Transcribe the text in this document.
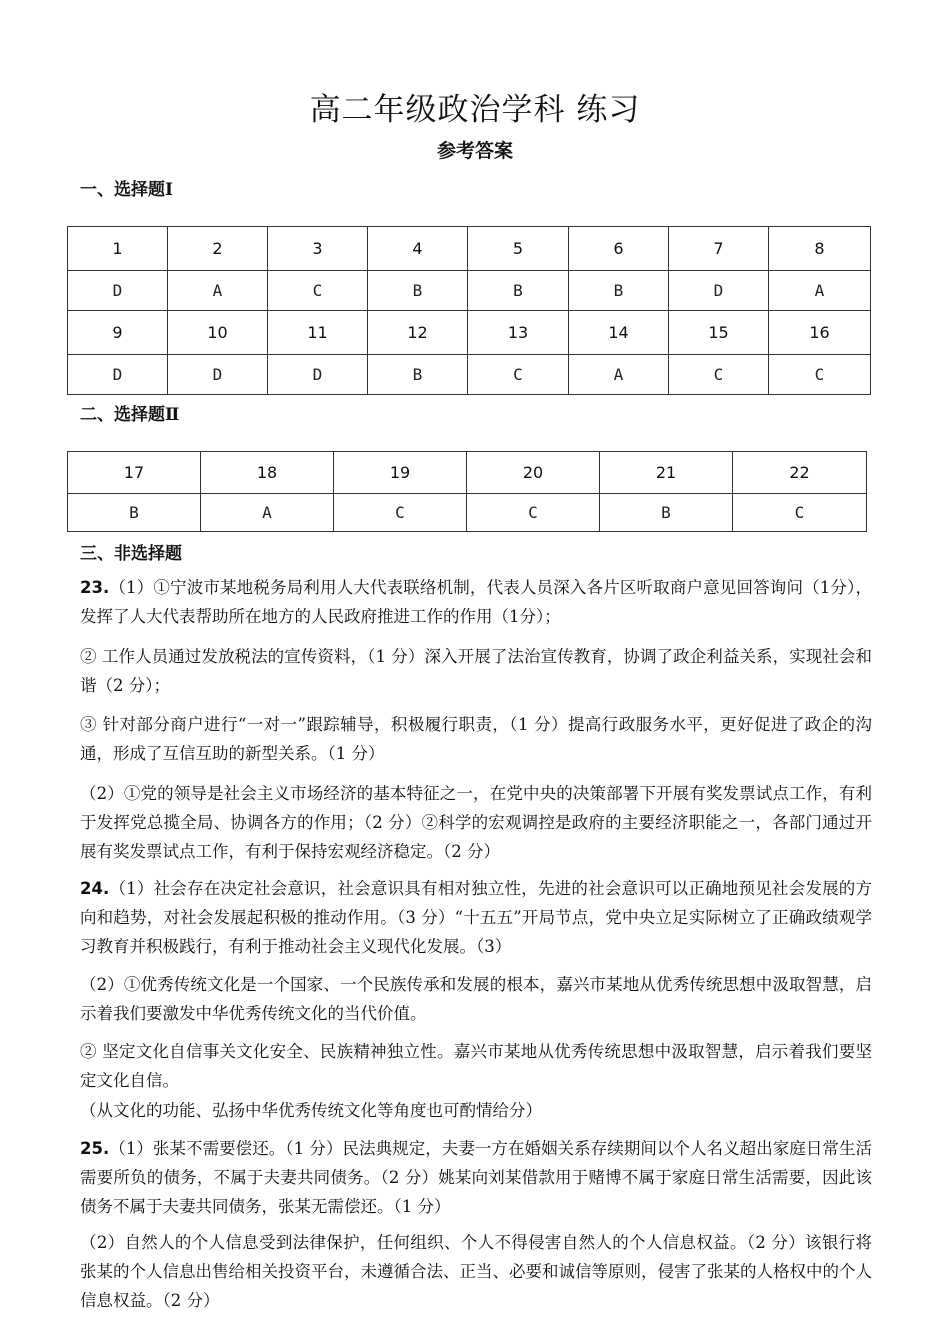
高二年级政治学科 练习
参考答案
一、选择题Ⅰ
1	2	3	4	5	6	7	8
D	A	C	B	B	B	D	A
9	10	11	12	13	14	15	16
D	D	D	B	C	A	C	C
二、选择题Ⅱ
17	18	19	20	21	22
B	A	C	C	B	C
三、非选择题
23.（1）①宁波市某地税务局利用人大代表联络机制，代表人员深入各片区听取商户意见回答询问（1分），发挥了人大代表帮助所在地方的人民政府推进工作的作用（1分）；
② 工作人员通过发放税法的宣传资料，（1 分）深入开展了法治宣传教育，协调了政企利益关系，实现社会和谐（2 分）；
③ 针对部分商户进行“一对一”跟踪辅导，积极履行职责，（1 分）提高行政服务水平，更好促进了政企的沟通，形成了互信互助的新型关系。（1 分）
（2）①党的领导是社会主义市场经济的基本特征之一，在党中央的决策部署下开展有奖发票试点工作，有利于发挥党总揽全局、协调各方的作用；（2 分）②科学的宏观调控是政府的主要经济职能之一，各部门通过开展有奖发票试点工作，有利于保持宏观经济稳定。（2 分）
24.（1）社会存在决定社会意识，社会意识具有相对独立性，先进的社会意识可以正确地预见社会发展的方向和趋势，对社会发展起积极的推动作用。（3 分）“十五五”开局节点，党中央立足实际树立了正确政绩观学习教育并积极践行，有利于推动社会主义现代化发展。（3）
（2）①优秀传统文化是一个国家、一个民族传承和发展的根本，嘉兴市某地从优秀传统思想中汲取智慧，启示着我们要激发中华优秀传统文化的当代价值。
② 坚定文化自信事关文化安全、民族精神独立性。嘉兴市某地从优秀传统思想中汲取智慧，启示着我们要坚定文化自信。
（从文化的功能、弘扬中华优秀传统文化等角度也可酌情给分）
25.（1）张某不需要偿还。（1 分）民法典规定，夫妻一方在婚姻关系存续期间以个人名义超出家庭日常生活需要所负的债务，不属于夫妻共同债务。（2 分）姚某向刘某借款用于赌博不属于家庭日常生活需要，因此该债务不属于夫妻共同债务，张某无需偿还。（1 分）
（2）自然人的个人信息受到法律保护，任何组织、个人不得侵害自然人的个人信息权益。（2 分）该银行将张某的个人信息出售给相关投资平台，未遵循合法、正当、必要和诚信等原则，侵害了张某的人格权中的个人信息权益。（2 分）
